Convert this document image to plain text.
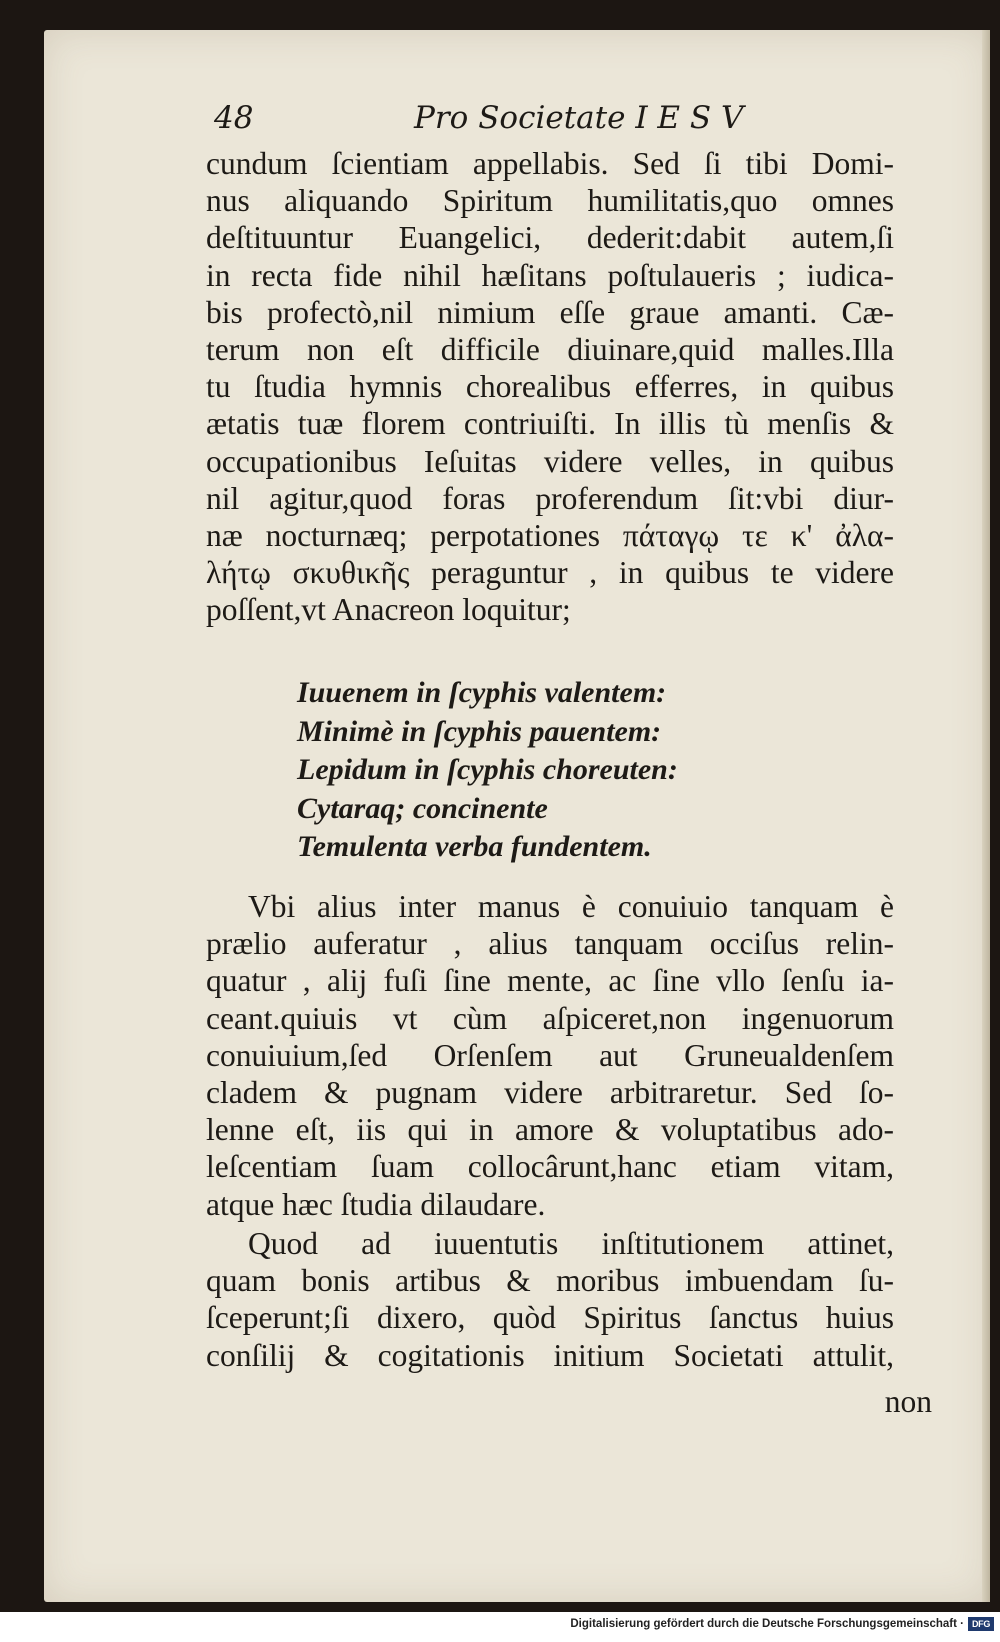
48	Pro Societate I E S V
cundum ſcientiam appellabis. Sed ſi tibi Domi-
nus aliquando Spiritum humilitatis,quo omnes
deſtituuntur Euangelici, dederit:dabit autem,ſi
in recta fide nihil hæſitans poſtulaueris ; iudica-
bis profectò,nil nimium eſſe graue amanti. Cæ-
terum non eſt difficile diuinare,quid malles.Illa
tu ſtudia hymnis chorealibus efferres, in quibus
ætatis tuæ florem contriuiſti. In illis tù menſis &
occupationibus Ieſuitas videre velles, in quibus
nil agitur,quod foras proferendum ſit:vbi diur-
næ nocturnæq; perpotationes πάταγῳ τε κ' ἀλα-
λήτῳ σκυθικῆς peraguntur , in quibus te videre
poſſent,vt Anacreon loquitur;
Iuuenem in ſcyphis valentem:
Minimè in ſcyphis pauentem:
Lepidum in ſcyphis choreuten:
Cytaraq; concinente
Temulenta verba fundentem.
Vbi alius inter manus è conuiuio tanquam è
prælio auferatur , alius tanquam occiſus relin-
quatur , alij fuſi ſine mente, ac ſine vllo ſenſu ia-
ceant.quiuis vt cùm aſpiceret,non ingenuorum
conuiuium,ſed Orſenſem aut Gruneualdenſem
cladem & pugnam videre arbitraretur. Sed ſo-
lenne eſt, iis qui in amore & voluptatibus ado-
leſcentiam ſuam collocârunt,hanc etiam vitam,
atque hæc ſtudia dilaudare.
Quod ad iuuentutis inſtitutionem attinet,
quam bonis artibus & moribus imbuendam ſu-
ſceperunt;ſi dixero, quòd Spiritus ſanctus huius
conſilij & cogitationis initium Societati attulit,
non
Digitalisierung gefördert durch die Deutsche Forschungsgemeinschaft · DFG
